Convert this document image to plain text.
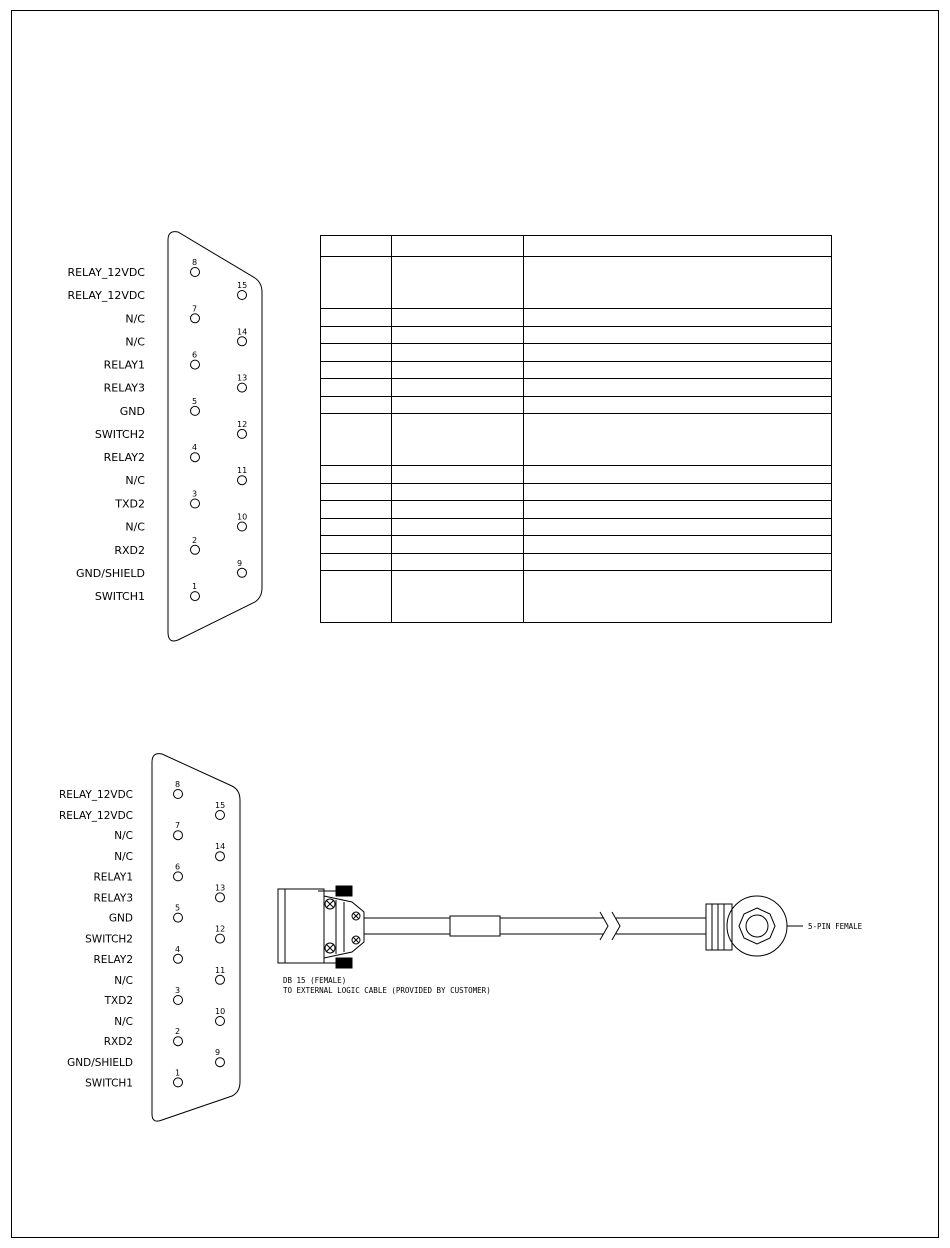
8
RELAY_12VDC
7
N/C
6
RELAY1
5
GND
4
RELAY2
3
TXD2
2
RXD2
1
SWITCH1
15
RELAY_12VDC
14
N/C
13
RELAY3
12
SWITCH2
11
N/C
10
N/C
9
GND/SHIELD

8
RELAY_12VDC
7
N/C
6
RELAY1
5
GND
4
RELAY2
3
TXD2
2
RXD2
1
SWITCH1
15
RELAY_12VDC
14
N/C
13
RELAY3
12
SWITCH2
11
N/C
10
N/C
9
GND/SHIELD
DB 15 (FEMALE)
TO EXTERNAL LOGIC CABLE (PROVIDED BY CUSTOMER)
5-PIN FEMALE
